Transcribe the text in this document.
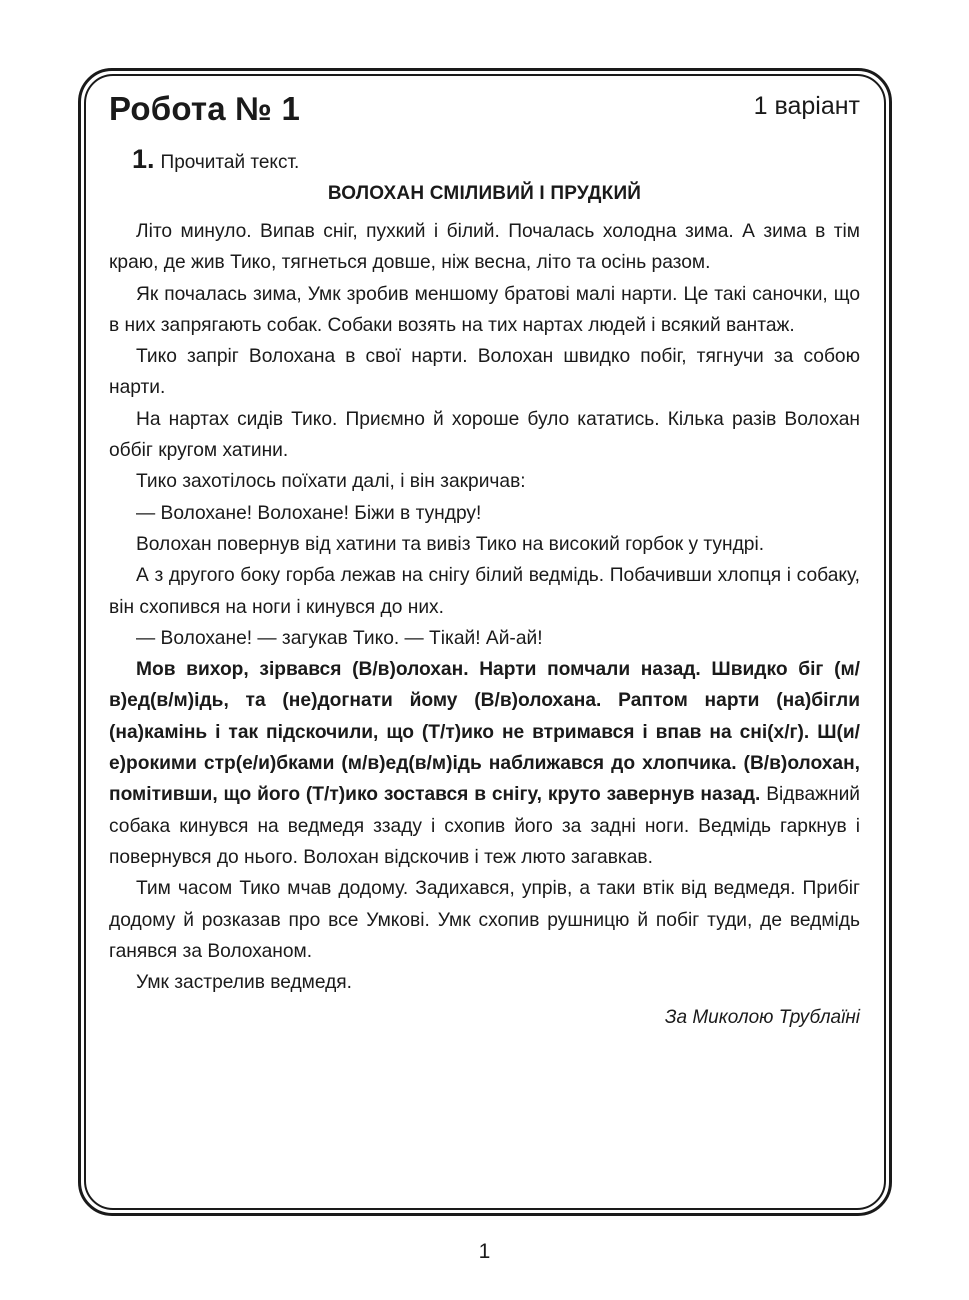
Робота № 1	1 варіант
1. Прочитай текст.
ВОЛОХАН СМІЛИВИЙ І ПРУДКИЙ

Літо минуло. Випав сніг, пухкий і білий. Почалась холодна зима. А зима в тім краю, де жив Тико, тягнеться довше, ніж весна, літо та осінь разом.

Як почалась зима, Умк зробив меншому братові малі нарти. Це такі саночки, що в них запрягають собак. Собаки возять на тих нартах людей і всякий вантаж.

Тико запріг Волохана в свої нарти. Волохан швидко побіг, тягнучи за собою нарти.

На нартах сидів Тико. Приємно й хороше було кататись. Кілька разів Волохан оббіг кругом хатини.

Тико захотілось поїхати далі, і він закричав:

— Волохане! Волохане! Біжи в тундру!

Волохан повернув від хатини та вивіз Тико на високий горбок у тундрі.

А з другого боку горба лежав на снігу білий ведмідь. Побачивши хлопця і собаку, він схопився на ноги і кинувся до них.

— Волохане! — загукав Тико. — Тікай! Ай-ай!

Мов вихор, зірвався (В/в)олохан. Нарти помчали назад. Швидко біг (м/в)ед(в/м)ідь, та (не)догнати йому (В/в)олохана. Раптом нарти (на)бігли (на)камінь і так підскочили, що (Т/т)ико не втримався і впав на сні(х/г). Ш(и/е)рокими стр(е/и)бками (м/в)ед(в/м)ідь наближався до хлопчика. (В/в)олохан, помітивши, що його (Т/т)ико зостався в снігу, круто завернув назад. Відважний собака кинувся на ведмедя ззаду і схопив його за задні ноги. Ведмідь гаркнув і повернувся до нього. Волохан відскочив і теж люто загавкав.

Тим часом Тико мчав додому. Задихався, упрів, а таки втік від ведмедя. Прибіг додому й розказав про все Умкові. Умк схопив рушницю й побіг туди, де ведмідь ганявся за Волоханом.

Умк застрелив ведмедя.

За Миколою Трублаїні
1
